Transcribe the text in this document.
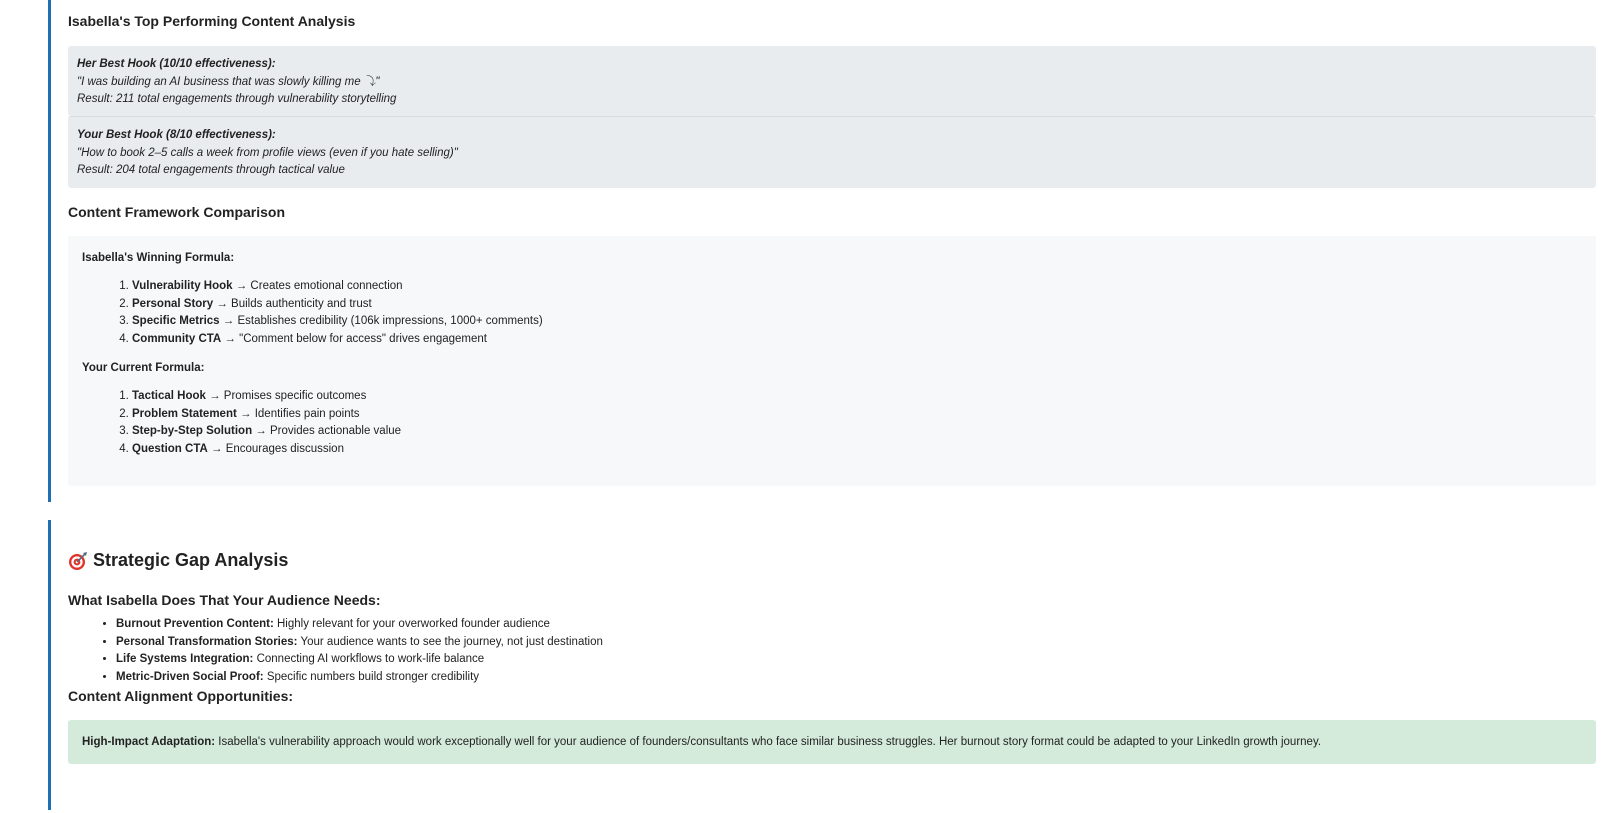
Isabella's Top Performing Content Analysis
Her Best Hook (10/10 effectiveness):
"I was building an AI business that was slowly killing me ⤵"
Result: 211 total engagements through vulnerability storytelling
Your Best Hook (8/10 effectiveness):
"How to book 2–5 calls a week from profile views (even if you hate selling)"
Result: 204 total engagements through tactical value
Content Framework Comparison
Isabella's Winning Formula:
1. Vulnerability Hook → Creates emotional connection
2. Personal Story → Builds authenticity and trust
3. Specific Metrics → Establishes credibility (106k impressions, 1000+ comments)
4. Community CTA → "Comment below for access" drives engagement
Your Current Formula:
1. Tactical Hook → Promises specific outcomes
2. Problem Statement → Identifies pain points
3. Step-by-Step Solution → Provides actionable value
4. Question CTA → Encourages discussion
Strategic Gap Analysis
What Isabella Does That Your Audience Needs:
• Burnout Prevention Content: Highly relevant for your overworked founder audience
• Personal Transformation Stories: Your audience wants to see the journey, not just destination
• Life Systems Integration: Connecting AI workflows to work-life balance
• Metric-Driven Social Proof: Specific numbers build stronger credibility
Content Alignment Opportunities:
High-Impact Adaptation: Isabella's vulnerability approach would work exceptionally well for your audience of founders/consultants who face similar business struggles. Her burnout story format could be adapted to your LinkedIn growth journey.
